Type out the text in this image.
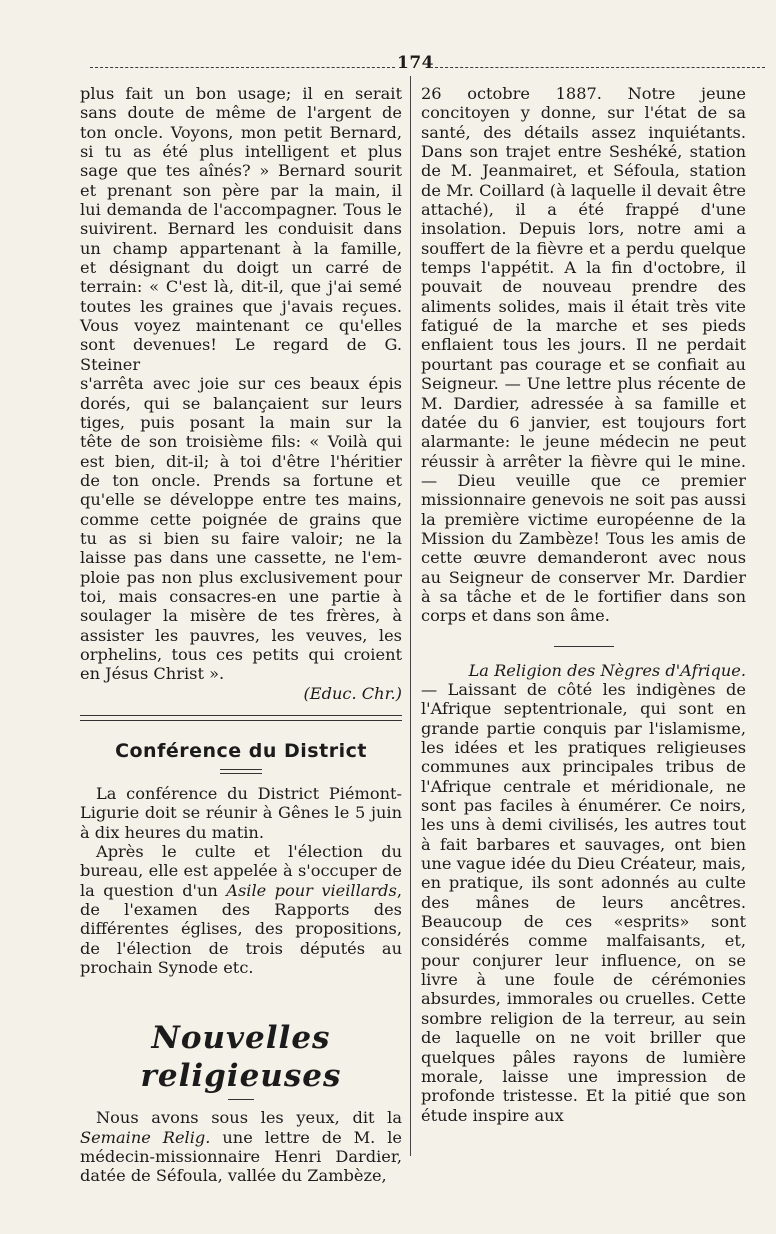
174
plus fait un bon usage; il en serait
sans doute de même de l'argent de
ton oncle. Voyons, mon petit Bernard,
si tu as été plus intelligent et plus
sage que tes aînés? » Bernard sourit
et prenant son père par la main, il
lui demanda de l'accompagner. Tous le
suivirent. Bernard les conduisit dans
un champ appartenant à la famille,
et désignant du doigt un carré de
terrain: « C'est là, dit-il, que j'ai semé
toutes les graines que j'avais reçues.
Vous voyez maintenant ce qu'elles
sont devenues! Le regard de G. Steiner
s'arrêta avec joie sur ces beaux épis
dorés, qui se balançaient sur leurs
tiges, puis posant la main sur la
tête de son troisième fils: « Voilà qui
est bien, dit-il; à toi d'être l'héritier
de ton oncle. Prends sa fortune et
qu'elle se développe entre tes mains,
comme cette poignée de grains que
tu as si bien su faire valoir; ne la
laisse pas dans une cassette, ne l'em-
ploie pas non plus exclusivement pour
toi, mais consacres-en une partie à
soulager la misère de tes frères, à
assister les pauvres, les veuves, les
orphelins, tous ces petits qui croient
en Jésus Christ ».

(Educ. Chr.)

Conférence du District

La conférence du District Piémont-Ligurie doit se réunir à Gênes le 5 juin à dix heures du matin.

Après le culte et l'élection du bureau, elle est appelée à s'occuper de la question d'un Asile pour vieillards, de l'examen des Rapports des différentes églises, des propositions, de l'élection de trois députés au prochain Synode etc.

Nouvelles religieuses

Nous avons sous les yeux, dit la Semaine Relig. une lettre de M. le médecin-missionnaire Henri Dardier, datée de Séfoula, vallée du Zambèze,

26 octobre 1887. Notre jeune concitoyen y donne, sur l'état de sa santé, des détails assez inquiétants. Dans son trajet entre Seshéké, station de M. Jeanmairet, et Séfoula, station de Mr. Coillard (à laquelle il devait être attaché), il a été frappé d'une insolation. Depuis lors, notre ami a souffert de la fièvre et a perdu quelque temps l'appétit. A la fin d'octobre, il pouvait de nouveau prendre des aliments solides, mais il était très vite fatigué de la marche et ses pieds enflaient tous les jours. Il ne perdait pourtant pas courage et se confiait au Seigneur. — Une lettre plus récente de M. Dardier, adressée à sa famille et datée du 6 janvier, est toujours fort alarmante: le jeune médecin ne peut réussir à arrêter la fièvre qui le mine. — Dieu veuille que ce premier missionnaire genevois ne soit pas aussi la première victime européenne de la Mission du Zambèze! Tous les amis de cette œuvre demanderont avec nous au Seigneur de conserver Mr. Dardier à sa tâche et de le fortifier dans son corps et dans son âme.

La Religion des Nègres d'Afrique.

— Laissant de côté les indigènes de l'Afrique septentrionale, qui sont en grande partie conquis par l'islamisme, les idées et les pratiques religieuses communes aux principales tribus de l'Afrique centrale et méridionale, ne sont pas faciles à énumérer. Ce noirs, les uns à demi civilisés, les autres tout à fait barbares et sauvages, ont bien une vague idée du Dieu Créateur, mais, en pratique, ils sont adonnés au culte des mânes de leurs ancêtres. Beaucoup de ces «esprits» sont considérés comme malfaisants, et, pour conjurer leur influence, on se livre à une foule de cérémonies absurdes, immorales ou cruelles. Cette sombre religion de la terreur, au sein de laquelle on ne voit briller que quelques pâles rayons de lumière morale, laisse une impression de profonde tristesse. Et la pitié que son étude inspire aux
